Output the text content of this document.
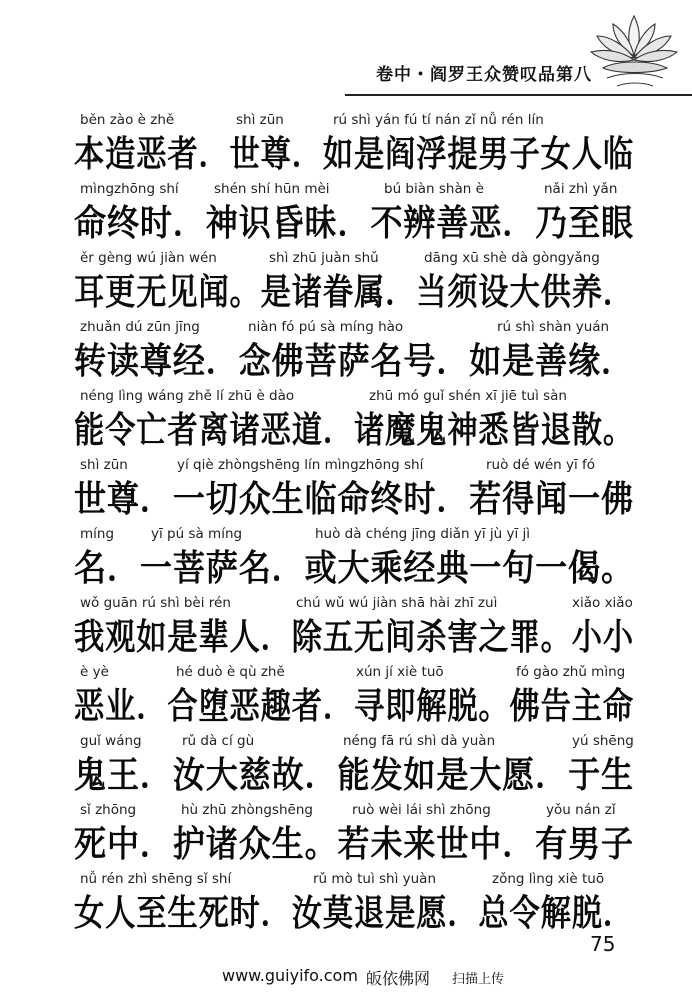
卷中・阎罗王众赞叹品第八
běn zào è zhě	shì zūn	rú shì yán fú tí nán zǐ nǚ rén lín
本造恶者．世尊．如是阎浮提男子女人临
mìngzhōng shí	shén shí hūn mèi	bú biàn shàn è	nǎi zhì yǎn
命终时．神识昏昧．不辨善恶．乃至眼
ěr gèng wú jiàn wén	shì zhū juàn shǔ	dāng xū shè dà gòngyǎng
耳更无见闻。是诸眷属．当须设大供养．
zhuǎn dú zūn jīng	niàn fó pú sà míng hào	rú shì shàn yuán
转读尊经．念佛菩萨名号．如是善缘．
néng lìng wáng zhě lí zhū è dào	zhū mó guǐ shén xī jiē tuì sàn
能令亡者离诸恶道．诸魔鬼神悉皆退散。
shì zūn	yí qiè zhòngshēng lín mìngzhōng shí	ruò dé wén yī fó
世尊．一切众生临命终时．若得闻一佛
míng	yī pú sà míng	huò dà chéng jīng diǎn yī jù yī jì
名．一菩萨名．或大乘经典一句一偈。
wǒ guān rú shì bèi rén	chú wǔ wú jiàn shā hài zhī zuì	xiǎo xiǎo
我观如是辈人．除五无间杀害之罪。小小
è yè	hé duò è qù zhě	xún jí xiè tuō	fó gào zhǔ mìng
恶业．合堕恶趣者．寻即解脱。佛告主命
guǐ wáng	rǔ dà cí gù	néng fā rú shì dà yuàn	yú shēng
鬼王．汝大慈故．能发如是大愿．于生
sǐ zhōng	hù zhū zhòngshēng	ruò wèi lái shì zhōng	yǒu nán zǐ
死中．护诸众生。若未来世中．有男子
nǚ rén zhì shēng sǐ shí	rǔ mò tuì shì yuàn	zǒng lìng xiè tuō
女人至生死时．汝莫退是愿．总令解脱．
75
www.guiyifo.com 皈依佛网 扫描上传
